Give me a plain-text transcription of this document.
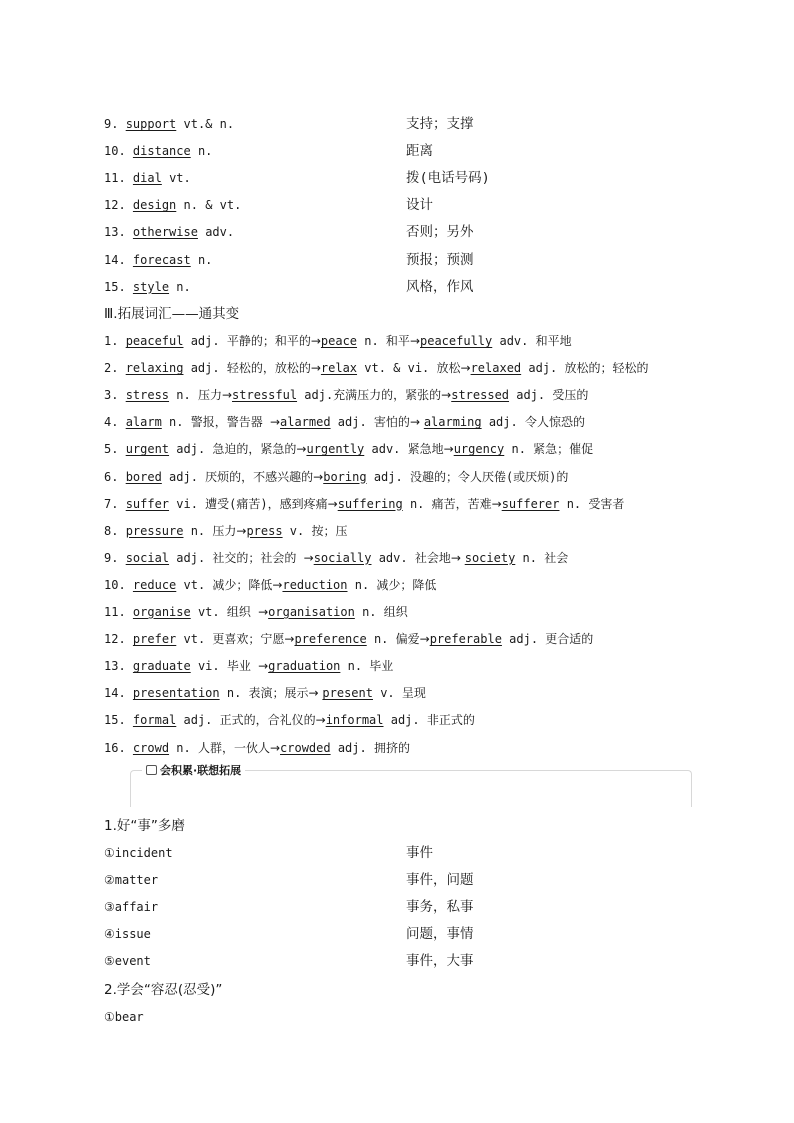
9. support vt.& n.	支持；支撑
10. distance n.	距离
11. dial vt.	拨(电话号码)
12. design n. & vt.	设计
13. otherwise adv.	否则；另外
14. forecast n.	预报；预测
15. style n.	风格，作风
Ⅲ.拓展词汇——通其变
1. peaceful adj. 平静的；和平的→peace n. 和平→peacefully adv. 和平地
2. relaxing adj. 轻松的，放松的→relax vt. & vi. 放松→relaxed adj. 放松的；轻松的
3. stress n. 压力→stressful adj.充满压力的，紧张的→stressed adj. 受压的
4. alarm n. 警报，警告器 →alarmed adj. 害怕的→ alarming adj. 令人惊恐的
5. urgent adj. 急迫的，紧急的→urgently adv. 紧急地→urgency n. 紧急；催促
6. bored adj. 厌烦的，不感兴趣的→boring adj. 没趣的；令人厌倦(或厌烦)的
7. suffer vi. 遭受(痛苦)，感到疼痛→suffering n. 痛苦，苦难→sufferer n. 受害者
8. pressure n. 压力→press v. 按；压
9. social adj. 社交的；社会的 →socially adv. 社会地→ society n. 社会
10. reduce vt. 减少；降低→reduction n. 减少；降低
11. organise vt. 组织 →organisation n. 组织
12. prefer vt. 更喜欢；宁愿→preference n. 偏爱→preferable adj. 更合适的
13. graduate vi. 毕业 →graduation n. 毕业
14. presentation n. 表演；展示→ present v. 呈现
15. formal adj. 正式的，合礼仪的→informal adj. 非正式的
16. crowd n. 人群，一伙人→crowded adj. 拥挤的
会积累·联想拓展
1.好“事”多磨
①incident	事件
②matter	事件，问题
③affair	事务，私事
④issue	问题，事情
⑤event	事件，大事
2.学会“容忍(忍受)”
①bear
